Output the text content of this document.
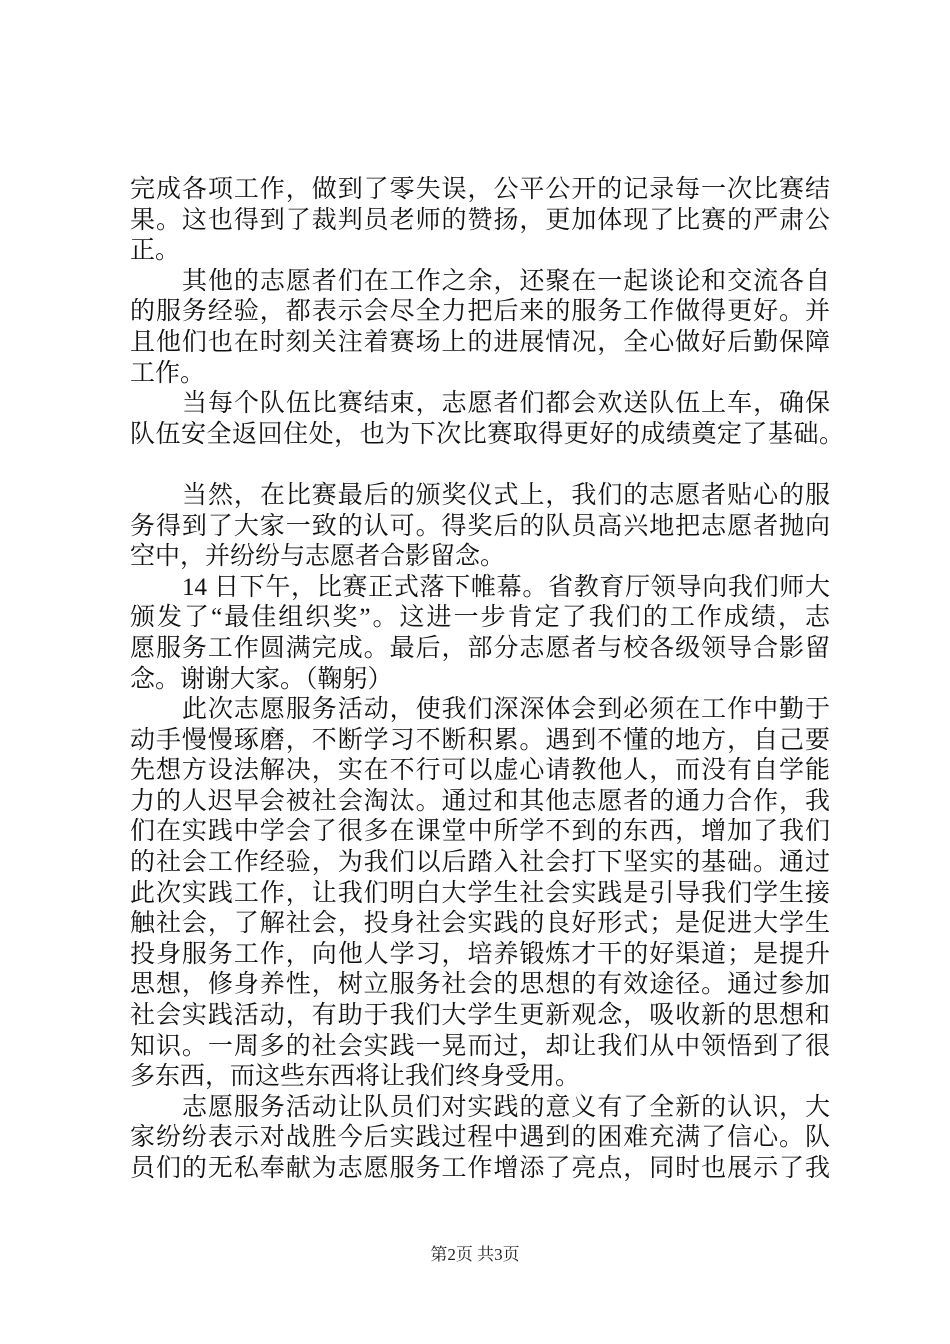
完成各项工作，做到了零失误，公平公开的记录每一次比赛结
果。这也得到了裁判员老师的赞扬，更加体现了比赛的严肃公
正。
其他的志愿者们在工作之余，还聚在一起谈论和交流各自
的服务经验，都表示会尽全力把后来的服务工作做得更好。并
且他们也在时刻关注着赛场上的进展情况，全心做好后勤保障
工作。
当每个队伍比赛结束，志愿者们都会欢送队伍上车，确保
队伍安全返回住处，也为下次比赛取得更好的成绩奠定了基础。
当然，在比赛最后的颁奖仪式上，我们的志愿者贴心的服
务得到了大家一致的认可。得奖后的队员高兴地把志愿者抛向
空中，并纷纷与志愿者合影留念。
14 日下午，比赛正式落下帷幕。省教育厅领导向我们师大
颁发了“最佳组织奖”。这进一步肯定了我们的工作成绩，志
愿服务工作圆满完成。最后，部分志愿者与校各级领导合影留
念。谢谢大家。（鞠躬）
此次志愿服务活动，使我们深深体会到必须在工作中勤于
动手慢慢琢磨，不断学习不断积累。遇到不懂的地方，自己要
先想方设法解决，实在不行可以虚心请教他人，而没有自学能
力的人迟早会被社会淘汰。通过和其他志愿者的通力合作，我
们在实践中学会了很多在课堂中所学不到的东西，增加了我们
的社会工作经验，为我们以后踏入社会打下坚实的基础。通过
此次实践工作，让我们明白大学生社会实践是引导我们学生接
触社会，了解社会，投身社会实践的良好形式；是促进大学生
投身服务工作，向他人学习，培养锻炼才干的好渠道；是提升
思想，修身养性，树立服务社会的思想的有效途径。通过参加
社会实践活动，有助于我们大学生更新观念，吸收新的思想和
知识。一周多的社会实践一晃而过，却让我们从中领悟到了很
多东西，而这些东西将让我们终身受用。
志愿服务活动让队员们对实践的意义有了全新的认识，大
家纷纷表示对战胜今后实践过程中遇到的困难充满了信心。队
员们的无私奉献为志愿服务工作增添了亮点，同时也展示了我
第2页 共3页
